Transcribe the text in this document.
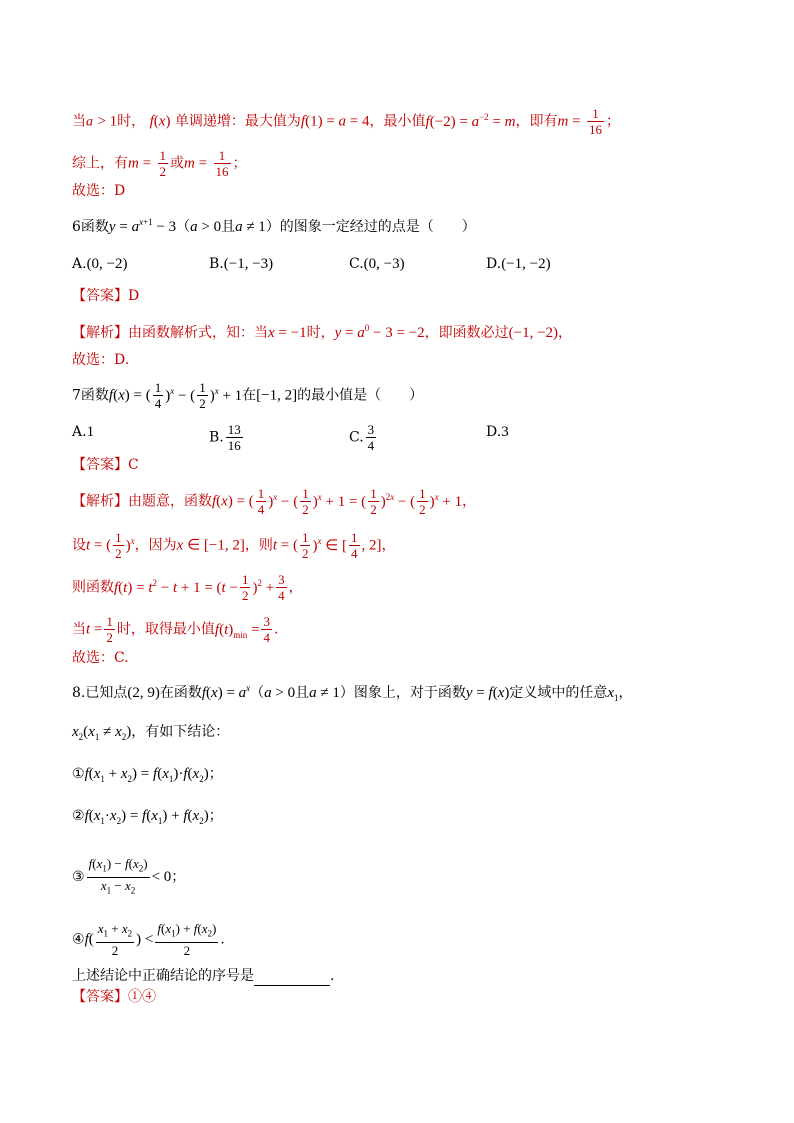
当a > 1时， f(x) 单调递增：最大值为f(1) = a = 4，最小值$f(-2) = a^{-2} = m$，即有$m = \frac{1}{16}$ ；
综上，有$m = \frac{1}{2}$ 或$m = \frac{1}{16}$ ；
故选：D
6函数$y = a^{x+1} - 3(a > 0$且a ≠ 1）的图象一定经过的点是（　　）
A.(0, −2)	B.(−1, −3)	C.(0, −3)	D.(−1, −2)
【答案】D
【解析】由函数解析式，知：当x = −1时，$y = a^0 - 3 = -2$，即函数必过(−1, −2)，
故选：D.
7函数f(x) = ( $\frac{1}{4} )^x$ − ( $\frac{1}{2} )^x + 1$在[−1, 2]的最小值是（　　）
A.1	B. $\frac{13}{16}$	C. $\frac{3}{4}$	D.3
【答案】C
【解析】由题意，函数f(x) = ( $\frac{1}{4} )^x$ − ( $\frac{1}{2} )^x + 1$ = ( $\frac{1}{2} )^{2x}$ − ( $\frac{1}{2} )^x + 1$，
设t = ( $\frac{1}{2} )^x$，因为x ∈ [−1, 2]，则t = ( $\frac{1}{2} )^x$ ∈ [ $\frac{1}{4}$ , 2]，
则函数$f(t) = t^2 - t + 1 = (t - \frac{1}{2} )^2 + \frac{3}{4}$ ，
当$t = \frac{1}{2}$ 时，取得最小值$f(t)_{min} = \frac{3}{4}$ .
故选：C.
8.已知点(2, 9)在函数$f(x) = a^x(a > 0$且a ≠ 1）图象上，对于函数y = f(x)定义域中的任意$x_1$，
$x_2(x_1 \ne x_2)$，有如下结论：
$①f(x_1 + x_2) = f(x_1)\cdot f(x_2)$；
$②f(x_1\cdot x_2) = f(x_1) + f(x_2)$；
③ $\frac{f(x_1) - f(x_2)}{x_1 - x_2} < 0$；
④f( $\frac{x_1 + x_2}{2}$ ) < $\frac{f(x_1) + f(x_2)}{2}$ .
上述结论中正确结论的序号是	.
【答案】①④
